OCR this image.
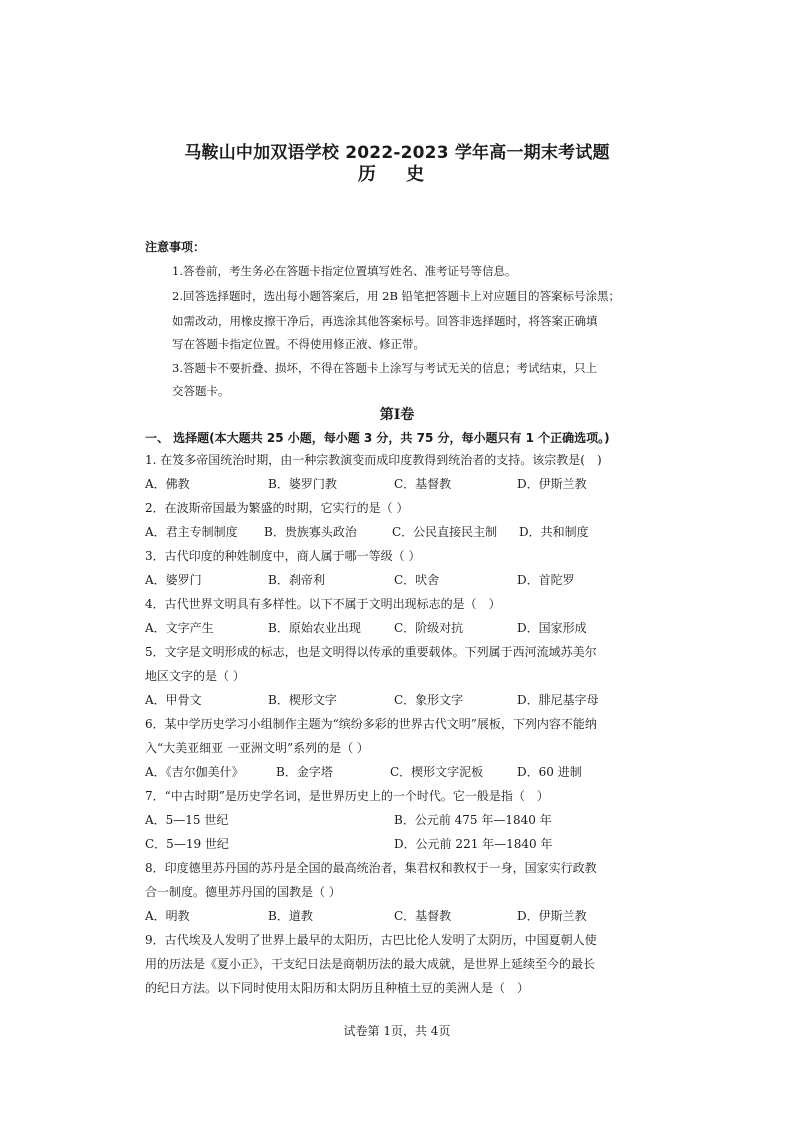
马鞍山中加双语学校 2022-2023 学年高一期末考试题
历 史
注意事项：
1.答卷前，考生务必在答题卡指定位置填写姓名、准考证号等信息。
2.回答选择题时，选出每小题答案后，用 2B 铅笔把答题卡上对应题目的答案标号涂黑；
如需改动，用橡皮擦干净后，再选涂其他答案标号。回答非选择题时，将答案正确填
写在答题卡指定位置。不得使用修正液、修正带。
3.答题卡不要折叠、损坏，不得在答题卡上涂写与考试无关的信息；考试结束，只上
交答题卡。
第Ⅰ卷
一、 选择题(本大题共 25 小题，每小题 3 分，共 75 分，每小题只有 1 个正确选项。)
1. 在笈多帝国统治时期，由一种宗教演变而成印度教得到统治者的支持。该宗教是(　)
A．佛教	B．婆罗门教	C．基督教	D．伊斯兰教
2．在波斯帝国最为繁盛的时期，它实行的是（ ）
A．君主专制制度 B．贵族寡头政治	C．公民直接民主制 D．共和制度
3．古代印度的种姓制度中，商人属于哪一等级（ ）
A．婆罗门	B．刹帝利	C．吠舍	D．首陀罗
4．古代世界文明具有多样性。以下不属于文明出现标志的是（　）
A．文字产生	B．原始农业出现	C．阶级对抗	D．国家形成
5．文字是文明形成的标志，也是文明得以传承的重要载体。下列属于西河流域苏美尔
地区文字的是（ ）
A．甲骨文	B．楔形文字	C．象形文字	D．腓尼基字母
6．某中学历史学习小组制作主题为“缤纷多彩的世界古代文明”展板，下列内容不能纳
入“大美亚细亚 一亚洲文明”系列的是（ ）
A．《吉尔伽美什》	B．金字塔	C．楔形文字泥板	D．60 进制
7．“中古时期”是历史学名词，是世界历史上的一个时代。它一般是指（　）
A．5—15 世纪	B．公元前 475 年—1840 年
C．5—19 世纪	D．公元前 221 年—1840 年
8．印度德里苏丹国的苏丹是全国的最高统治者，集君权和教权于一身，国家实行政教
合一制度。德里苏丹国的国教是（ ）
A．明教	B．道教	C．基督教	D．伊斯兰教
9．古代埃及人发明了世界上最早的太阳历，古巴比伦人发明了太阴历，中国夏朝人使
用的历法是《夏小正》，干支纪日法是商朝历法的最大成就，是世界上延续至今的最长
的纪日方法。以下同时使用太阳历和太阴历且种植土豆的美洲人是（　）
试卷第 1页，共 4页
